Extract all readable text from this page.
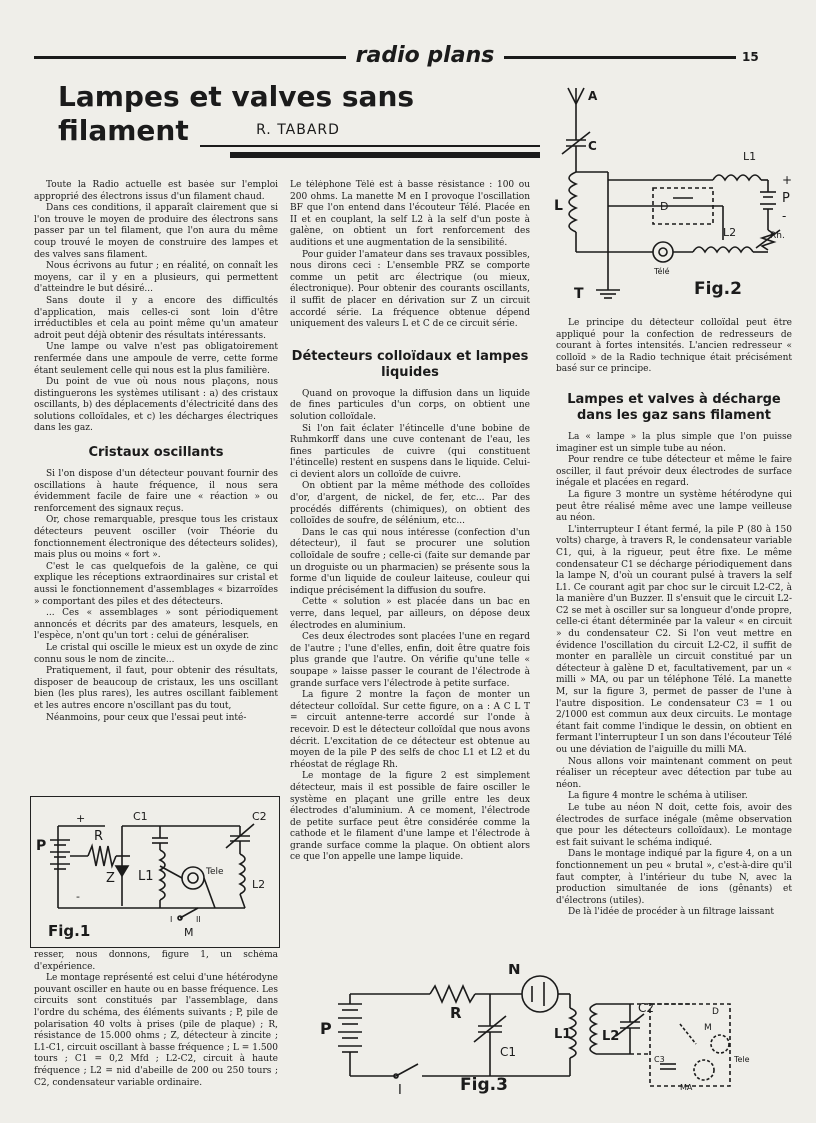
radio plans	15
Lampes et valves sans filament	R. TABARD

Toute la Radio actuelle est basée sur l'emploi approprié des électrons issus d'un filament chaud.

Dans ces conditions, il apparaît clairement que si l'on trouve le moyen de produire des électrons sans passer par un tel filament, que l'on aura du même coup trouvé le moyen de construire des lampes et des valves sans filament.

Nous écrivons au futur ; en réalité, on connaît les moyens, car il y en a plusieurs, qui permettent d'atteindre le but désiré...

Sans doute il y a encore des difficultés d'application, mais celles-ci sont loin d'être irréductibles et cela au point même qu'un amateur adroit peut déjà obtenir des résultats intéressants.

Une lampe ou valve n'est pas obligatoirement renfermée dans une ampoule de verre, cette forme étant seulement celle qui nous est la plus familière.

Du point de vue où nous nous plaçons, nous distinguerons les systèmes utilisant : a) des cristaux oscillants, b) des déplacements d'électricité dans des solutions colloïdales, et c) les décharges électriques dans les gaz.

Cristaux oscillants

Si l'on dispose d'un détecteur pouvant fournir des oscillations à haute fréquence, il nous sera évidemment facile de faire une « réaction » ou renforcement des signaux reçus.

Or, chose remarquable, presque tous les cristaux détecteurs peuvent osciller (voir Théorie du fonctionnement électronique des détecteurs solides), mais plus ou moins « fort ».

C'est le cas quelquefois de la galène, ce qui explique les réceptions extraordinaires sur cristal et aussi le fonctionnement d'assemblages « bizarroïdes » comportant des piles et des détecteurs.

... Ces « assemblages » sont périodiquement annoncés et décrits par des amateurs, lesquels, en l'espèce, n'ont qu'un tort : celui de généraliser.

Le cristal qui oscille le mieux est un oxyde de zinc connu sous le nom de zincite...

Pratiquement, il faut, pour obtenir des résultats, disposer de beaucoup de cristaux, les uns oscillant bien (les plus rares), les autres oscillant faiblement et les autres encore n'oscillant pas du tout,

Néanmoins, pour ceux que l'essai peut inté-

P
R
Z
C1
L1
C2
L2
Tele
M
I	II
+
-
Fig.1

resser, nous donnons, figure 1, un schéma d'expérience.

Le montage représenté est celui d'une hétérodyne pouvant osciller en haute ou en basse fréquence. Les circuits sont constitués par l'assemblage, dans l'ordre du schéma, des éléments suivants ; P, pile de polarisation 40 volts à prises (pile de plaque) ; R, résistance de 15.000 ohms ; Z, détecteur à zincite ; L1-C1, circuit oscillant à basse fréquence ; L = 1.500 tours ; C1 = 0,2 Mfd ; L2-C2, circuit à haute fréquence ; L2 = nid d'abeille de 200 ou 250 tours ; C2, condensateur variable ordinaire.

Le téléphone Télé est à basse résistance : 100 ou 200 ohms. La manette M en I provoque l'oscillation BF que l'on entend dans l'écouteur Télé. Placée en II et en couplant, la self L2 à la self d'un poste à galène, on obtient un fort renforcement des auditions et une augmentation de la sensibilité.

Pour guider l'amateur dans ses travaux possibles, nous dirons ceci : L'ensemble PRZ se comporte comme un petit arc électrique (ou mieux, électronique). Pour obtenir des courants oscillants, il suffit de placer en dérivation sur Z un circuit accordé série. La fréquence obtenue dépend uniquement des valeurs L et C de ce circuit série.

Détecteurs colloïdaux et lampes liquides

Quand on provoque la diffusion dans un liquide de fines particules d'un corps, on obtient une solution colloïdale.

Si l'on fait éclater l'étincelle d'une bobine de Ruhmkorff dans une cuve contenant de l'eau, les fines particules de cuivre (qui constituent l'étincelle) restent en suspens dans le liquide. Celui-ci devient alors un colloïde de cuivre.

On obtient par la même méthode des colloïdes d'or, d'argent, de nickel, de fer, etc... Par des procédés différents (chimiques), on obtient des colloïdes de soufre, de sélénium, etc...

Dans le cas qui nous intéresse (confection d'un détecteur), il faut se procurer une solution colloïdale de soufre ; celle-ci (faite sur demande par un droguiste ou un pharmacien) se présente sous la forme d'un liquide de couleur laiteuse, couleur qui indique précisément la diffusion du soufre.

Cette « solution » est placée dans un bac en verre, dans lequel, par ailleurs, on dépose deux électrodes en aluminium.

Ces deux électrodes sont placées l'une en regard de l'autre ; l'une d'elles, enfin, doit être quatre fois plus grande que l'autre. On vérifie qu'une telle « soupape » laisse passer le courant de l'électrode à grande surface vers l'électrode à petite surface.

La figure 2 montre la façon de monter un détecteur colloïdal. Sur cette figure, on a : A C L T = circuit antenne-terre accordé sur l'onde à recevoir. D est le détecteur colloïdal que nous avons décrit. L'excitation de ce détecteur est obtenue au moyen de la pile P des selfs de choc L1 et L2 et du rhéostat de réglage Rh.

Le montage de la figure 2 est simplement détecteur, mais il est possible de faire osciller le système en plaçant une grille entre les deux électrodes d'aluminium. A ce moment, l'électrode de petite surface peut être considérée comme la cathode et le filament d'une lampe et l'électrode à grande surface comme la plaque. On obtient alors ce que l'on appelle une lampe liquide.

A
C
L	D
L1
L2
P
Rh.
Télé
T
+
-
Fig.2

Le principe du détecteur colloïdal peut être appliqué pour la confection de redresseurs de courant à fortes intensités. L'ancien redresseur « colloïd » de la Radio technique était précisément basé sur ce principe.

Lampes et valves à décharge dans les gaz sans filament

La « lampe » la plus simple que l'on puisse imaginer est un simple tube au néon.

Pour rendre ce tube détecteur et même le faire osciller, il faut prévoir deux électrodes de surface inégale et placées en regard.

La figure 3 montre un système hétérodyne qui peut être réalisé même avec une lampe veilleuse au néon.

L'interrupteur I étant fermé, la pile P (80 à 150 volts) charge, à travers R, le condensateur variable C1, qui, à la rigueur, peut être fixe. Le même condensateur C1 se décharge périodiquement dans la lampe N, d'où un courant pulsé à travers la self L1. Ce courant agit par choc sur le circuit L2-C2, à la manière d'un Buzzer. Il s'ensuit que le circuit L2-C2 se met à osciller sur sa longueur d'onde propre, celle-ci étant déterminée par la valeur « en circuit » du condensateur C2. Si l'on veut mettre en évidence l'oscillation du circuit L2-C2, il suffit de monter en parallèle un circuit constitué par un détecteur à galène D et, facultativement, par un « milli » MA, ou par un téléphone Télé. La manette M, sur la figure 3, permet de passer de l'une à l'autre disposition. Le condensateur C3 = 1 ou 2/1000 est commun aux deux circuits. Le montage étant fait comme l'indique le dessin, on obtient en fermant l'interrupteur I un son dans l'écouteur Télé ou une déviation de l'aiguille du milli MA.

Nous allons voir maintenant comment on peut réaliser un récepteur avec détection par tube au néon.

La figure 4 montre le schéma à utiliser.

Le tube au néon N doit, cette fois, avoir des électrodes de surface inégale (même observation que pour les détecteurs colloïdaux). Le montage est fait suivant le schéma indiqué.

Dans le montage indiqué par la figure 4, on a un fonctionnement un peu « brutal », c'est-à-dire qu'il faut compter, à l'intérieur du tube N, avec la production simultanée de ions (gênants) et d'électrons (utiles).

De là l'idée de procéder à un filtrage laissant

N
R
P
C1
L1 L2
C2
I
D
M
C3
MA
Tele
Fig.3
